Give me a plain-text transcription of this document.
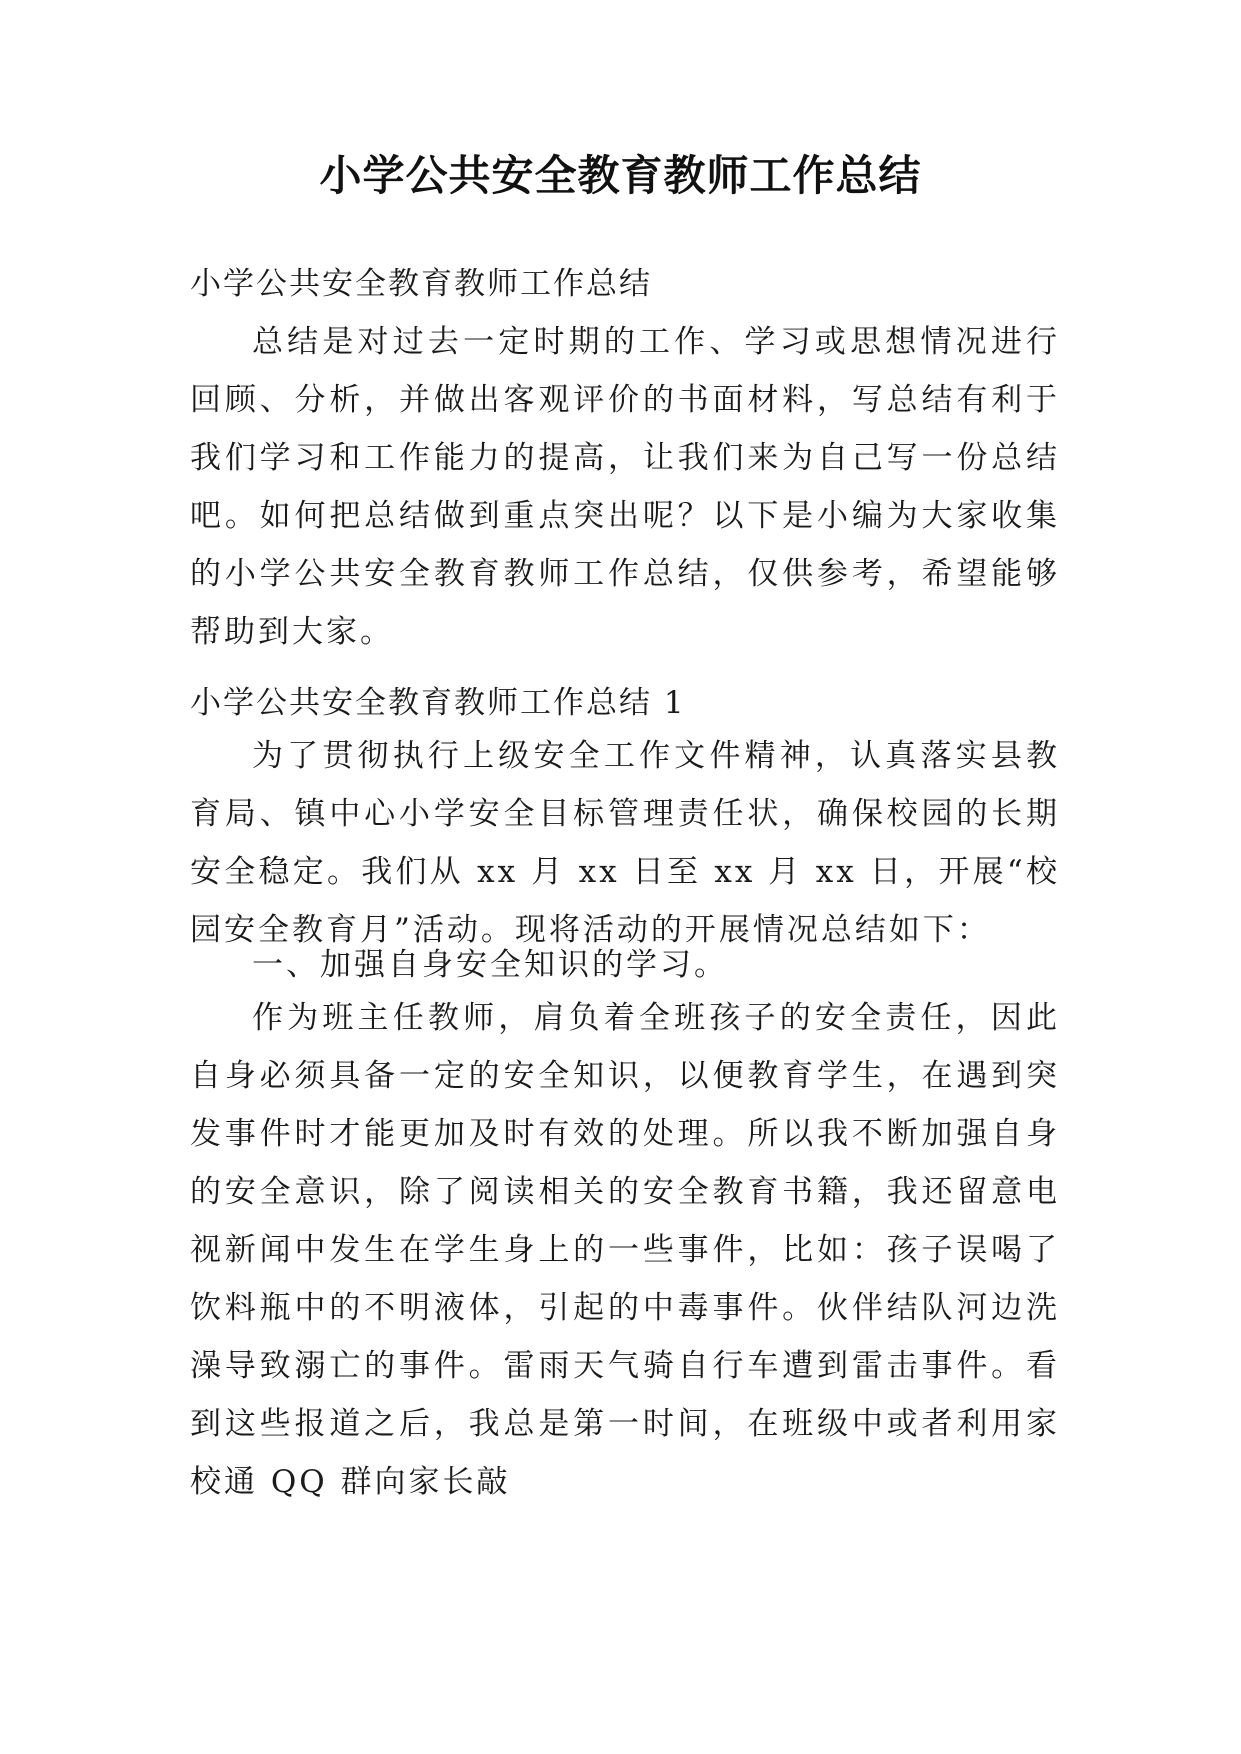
小学公共安全教育教师工作总结

小学公共安全教育教师工作总结

总结是对过去一定时期的工作、学习或思想情况进行回顾、分析，并做出客观评价的书面材料，写总结有利于我们学习和工作能力的提高，让我们来为自己写一份总结吧。如何把总结做到重点突出呢？以下是小编为大家收集的小学公共安全教育教师工作总结，仅供参考，希望能够帮助到大家。

小学公共安全教育教师工作总结 1

为了贯彻执行上级安全工作文件精神，认真落实县教育局、镇中心小学安全目标管理责任状，确保校园的长期安全稳定。我们从 xx 月 xx 日至 xx 月 xx 日，开展“校园安全教育月”活动。现将活动的开展情况总结如下：

一、加强自身安全知识的学习。

作为班主任教师，肩负着全班孩子的安全责任，因此自身必须具备一定的安全知识，以便教育学生，在遇到突发事件时才能更加及时有效的处理。所以我不断加强自身的安全意识，除了阅读相关的安全教育书籍，我还留意电视新闻中发生在学生身上的一些事件，比如：孩子误喝了饮料瓶中的不明液体，引起的中毒事件。伙伴结队河边洗澡导致溺亡的事件。雷雨天气骑自行车遭到雷击事件。看到这些报道之后，我总是第一时间，在班级中或者利用家校通 QQ 群向家长敲
